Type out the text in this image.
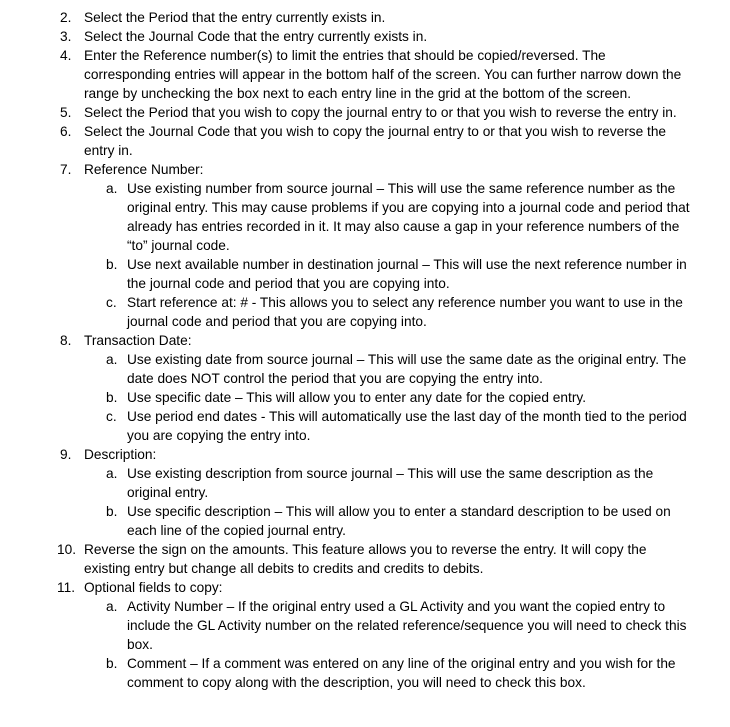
2. Select the Period that the entry currently exists in.
3. Select the Journal Code that the entry currently exists in.
4. Enter the Reference number(s) to limit the entries that should be copied/reversed. The corresponding entries will appear in the bottom half of the screen. You can further narrow down the range by unchecking the box next to each entry line in the grid at the bottom of the screen.
5. Select the Period that you wish to copy the journal entry to or that you wish to reverse the entry in.
6. Select the Journal Code that you wish to copy the journal entry to or that you wish to reverse the entry in.
7. Reference Number:
a. Use existing number from source journal – This will use the same reference number as the original entry. This may cause problems if you are copying into a journal code and period that already has entries recorded in it. It may also cause a gap in your reference numbers of the “to” journal code.
b. Use next available number in destination journal – This will use the next reference number in the journal code and period that you are copying into.
c. Start reference at: # - This allows you to select any reference number you want to use in the journal code and period that you are copying into.
8. Transaction Date:
a. Use existing date from source journal – This will use the same date as the original entry. The date does NOT control the period that you are copying the entry into.
b. Use specific date – This will allow you to enter any date for the copied entry.
c. Use period end dates - This will automatically use the last day of the month tied to the period you are copying the entry into.
9. Description:
a. Use existing description from source journal – This will use the same description as the original entry.
b. Use specific description – This will allow you to enter a standard description to be used on each line of the copied journal entry.
10. Reverse the sign on the amounts. This feature allows you to reverse the entry. It will copy the existing entry but change all debits to credits and credits to debits.
11. Optional fields to copy:
a. Activity Number – If the original entry used a GL Activity and you want the copied entry to include the GL Activity number on the related reference/sequence you will need to check this box.
b. Comment – If a comment was entered on any line of the original entry and you wish for the comment to copy along with the description, you will need to check this box.
